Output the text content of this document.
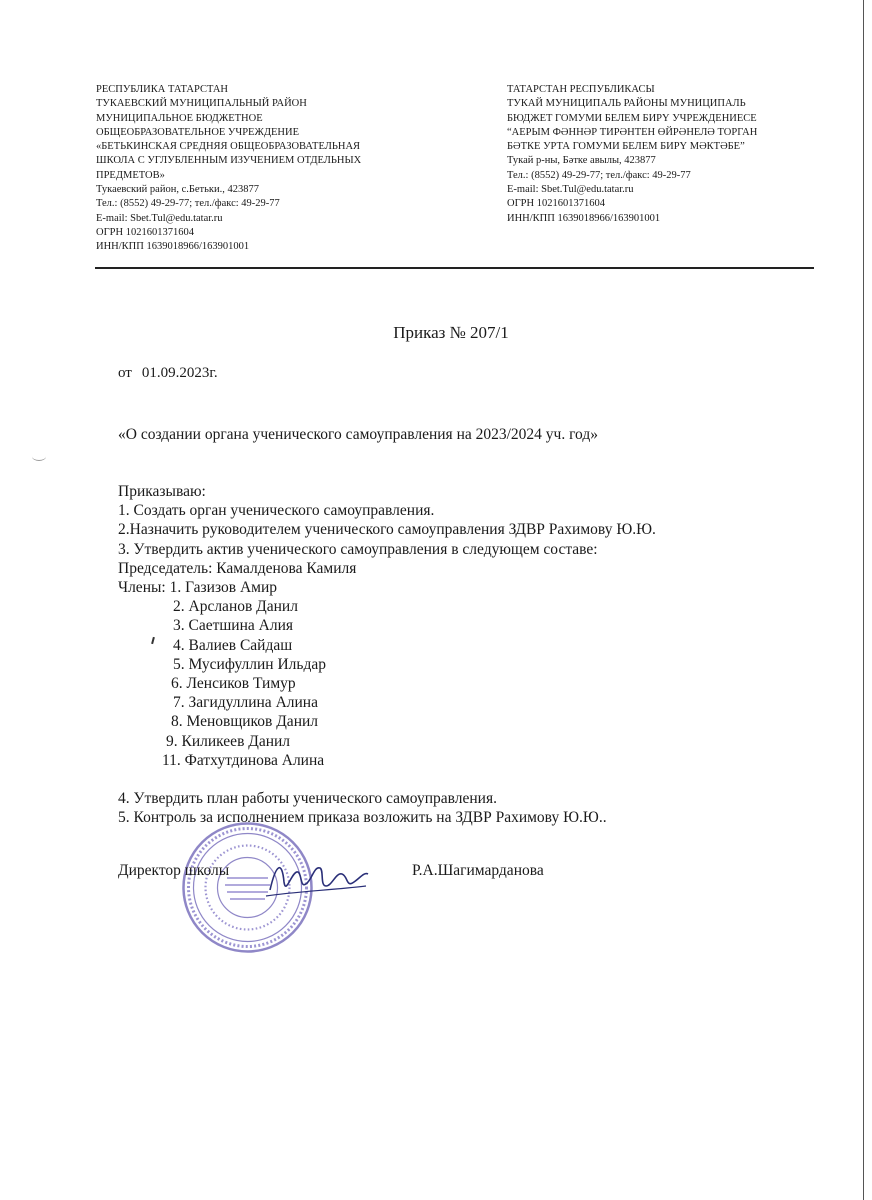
РЕСПУБЛИКА ТАТАРСТАН
ТУКАЕВСКИЙ МУНИЦИПАЛЬНЫЙ РАЙОН
МУНИЦИПАЛЬНОЕ БЮДЖЕТНОЕ
ОБЩЕОБРАЗОВАТЕЛЬНОЕ УЧРЕЖДЕНИЕ
«БЕТЬКИНСКАЯ СРЕДНЯЯ ОБЩЕОБРАЗОВАТЕЛЬНАЯ
ШКОЛА С УГЛУБЛЕННЫМ ИЗУЧЕНИЕМ ОТДЕЛЬНЫХ
ПРЕДМЕТОВ»
Тукаевский район, с.Бетьки., 423877
Тел.: (8552) 49-29-77; тел./факс: 49-29-77
E-mail: Sbet.Tul@edu.tatar.ru
ОГРН 1021601371604
ИНН/КПП 1639018966/163901001
ТАТАРСТАН РЕСПУБЛИКАСЫ
ТУКАЙ МУНИЦИПАЛЬ РАЙОНЫ МУНИЦИПАЛЬ
БЮДЖЕТ ГОМУМИ БЕЛЕМ БИРҮ УЧРЕЖДЕНИЕСЕ
“АЕРЫМ ФӘННӘР ТИРӘНТЕН ӨЙРӘНЕЛӘ ТОРГАН
БӘТКЕ УРТА ГОМУМИ БЕЛЕМ БИРҮ МӘКТӘБЕ”
Тукай р-ны, Бәтке авылы, 423877
Тел.: (8552) 49-29-77; тел./факс: 49-29-77
E-mail: Sbet.Tul@edu.tatar.ru
ОГРН 1021601371604
ИНН/КПП 1639018966/163901001
Приказ № 207/1
от 01.09.2023г.
«О создании органа ученического самоуправления на 2023/2024 уч. год»
Приказываю:
1. Создать орган ученического самоуправления.
2.Назначить руководителем ученического самоуправления ЗДВР Рахимову Ю.Ю.
3. Утвердить актив ученического самоуправления в следующем составе:
Председатель: Камалденова Камиля
Члены: 1. Газизов Амир
2. Арсланов Данил
3. Саетшина Алия
4. Валиев Сайдаш
5. Мусифуллин Ильдар
6. Ленсиков Тимур
7. Загидуллина Алина
8. Меновщиков Данил
9. Киликеев Данил
11. Фатхутдинова Алина
4. Утвердить план работы ученического самоуправления.
5. Контроль за исполнением приказа возложить на ЗДВР Рахимову Ю.Ю..
Директор школы	Р.А.Шагимарданова
